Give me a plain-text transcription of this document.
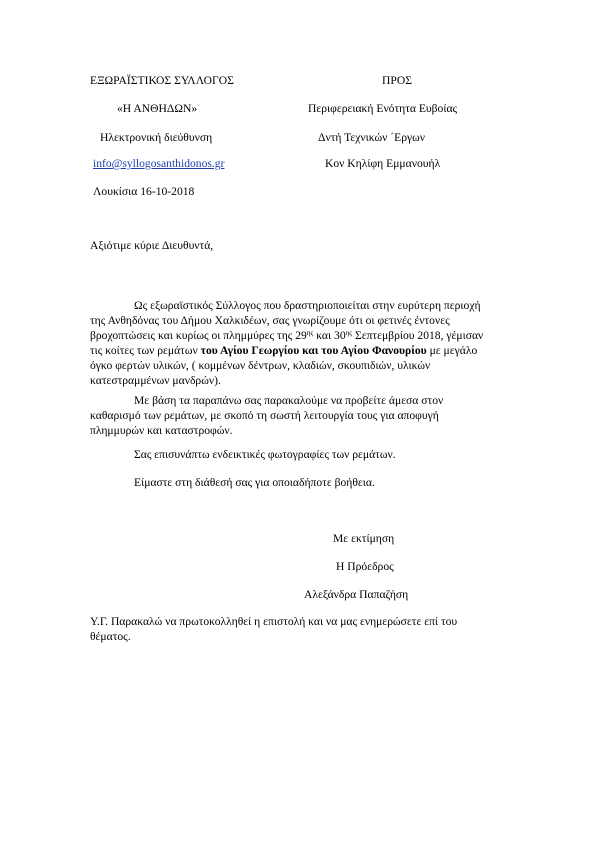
ΕΞΩΡΑΪΣΤΙΚΟΣ ΣΥΛΛΟΓΟΣ
«Η ΑΝΘΗΔΩΝ»
Ηλεκτρονική διεύθυνση
info@syllogosanthidonos.gr
Λουκίσια 16-10-2018
ΠΡΟΣ
Περιφερειακή Ενότητα Ευβοίας
Δντή Τεχνικών ΄Εργων
Κον Κηλίφη Εμμανουήλ
Αξιότιμε κύριε Διευθυντά,
Ως εξωραϊστικός Σύλλογος που δραστηριοποιείται στην ευρύτερη περιοχή
της Ανθηδόνας του Δήμου Χαλκιδέων, σας γνωρίζουμε ότι οι φετινές έντονες
βροχοπτώσεις και κυρίως οι πλημμύρες της $29^{\eta\varsigma}$ και $30^{\eta\varsigma}$ Σεπτεμβρίου 2018, γέμισαν
τις κοίτες των ρεμάτων του Αγίου Γεωργίου και του Αγίου Φανουρίου με μεγάλο
όγκο φερτών υλικών, ( κομμένων δέντρων, κλαδιών, σκουπιδιών, υλικών
κατεστραμμένων μανδρών).
Με βάση τα παραπάνω σας παρακαλούμε να προβείτε άμεσα στον
καθαρισμό των ρεμάτων, με σκοπό τη σωστή λειτουργία τους για αποφυγή
πλημμυρών και καταστροφών.
Σας επισυνάπτω ενδεικτικές φωτογραφίες των ρεμάτων.
Είμαστε στη διάθεσή σας για οποιαδήποτε βοήθεια.
Με εκτίμηση
Η Πρόεδρος
Αλεξάνδρα Παπαζήση
Υ.Γ. Παρακαλώ να πρωτοκολληθεί η επιστολή και να μας ενημερώσετε επί του
θέματος.
